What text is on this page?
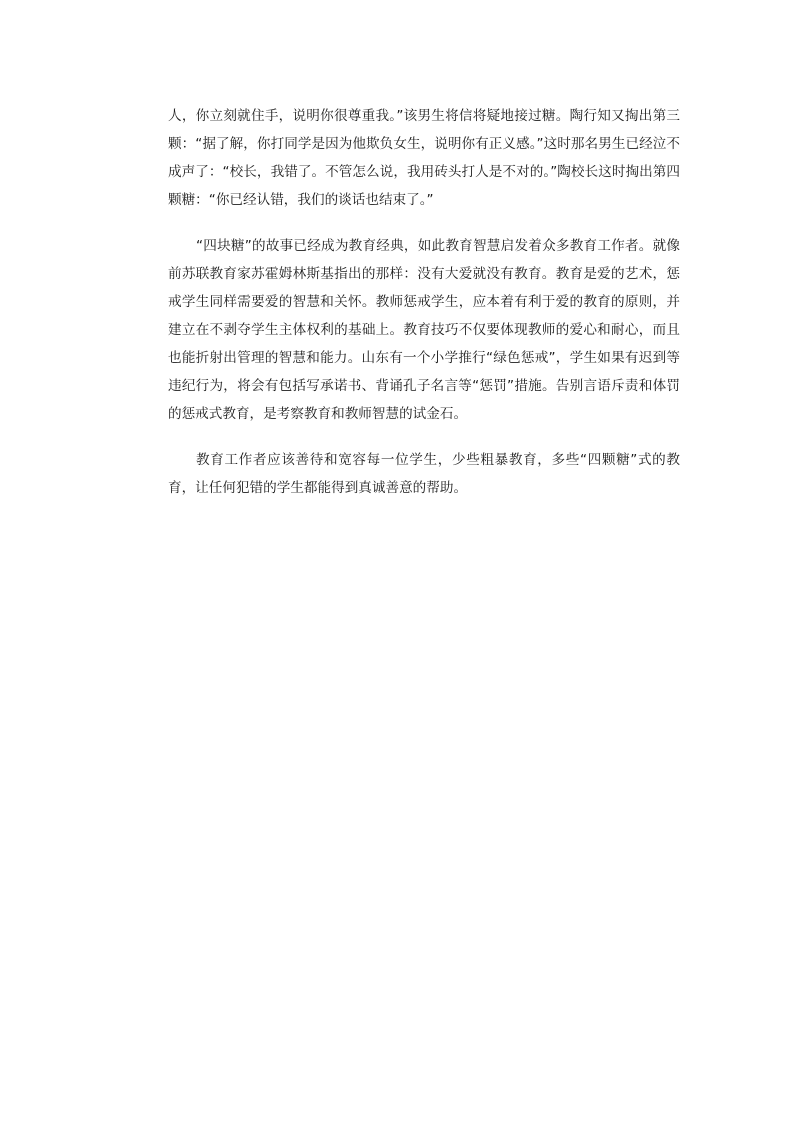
人，你立刻就住手，说明你很尊重我。”该男生将信将疑地接过糖。陶行知又掏出第三颗：“据了解，你打同学是因为他欺负女生，说明你有正义感。”这时那名男生已经泣不成声了：“校长，我错了。不管怎么说，我用砖头打人是不对的。”陶校长这时掏出第四颗糖：“你已经认错，我们的谈话也结束了。”

“四块糖”的故事已经成为教育经典，如此教育智慧启发着众多教育工作者。就像前苏联教育家苏霍姆林斯基指出的那样：没有大爱就没有教育。教育是爱的艺术，惩戒学生同样需要爱的智慧和关怀。教师惩戒学生，应本着有利于爱的教育的原则，并建立在不剥夺学生主体权利的基础上。教育技巧不仅要体现教师的爱心和耐心，而且也能折射出管理的智慧和能力。山东有一个小学推行“绿色惩戒”，学生如果有迟到等违纪行为，将会有包括写承诺书、背诵孔子名言等“惩罚”措施。告别言语斥责和体罚的惩戒式教育，是考察教育和教师智慧的试金石。

教育工作者应该善待和宽容每一位学生，少些粗暴教育，多些“四颗糖”式的教育，让任何犯错的学生都能得到真诚善意的帮助。
